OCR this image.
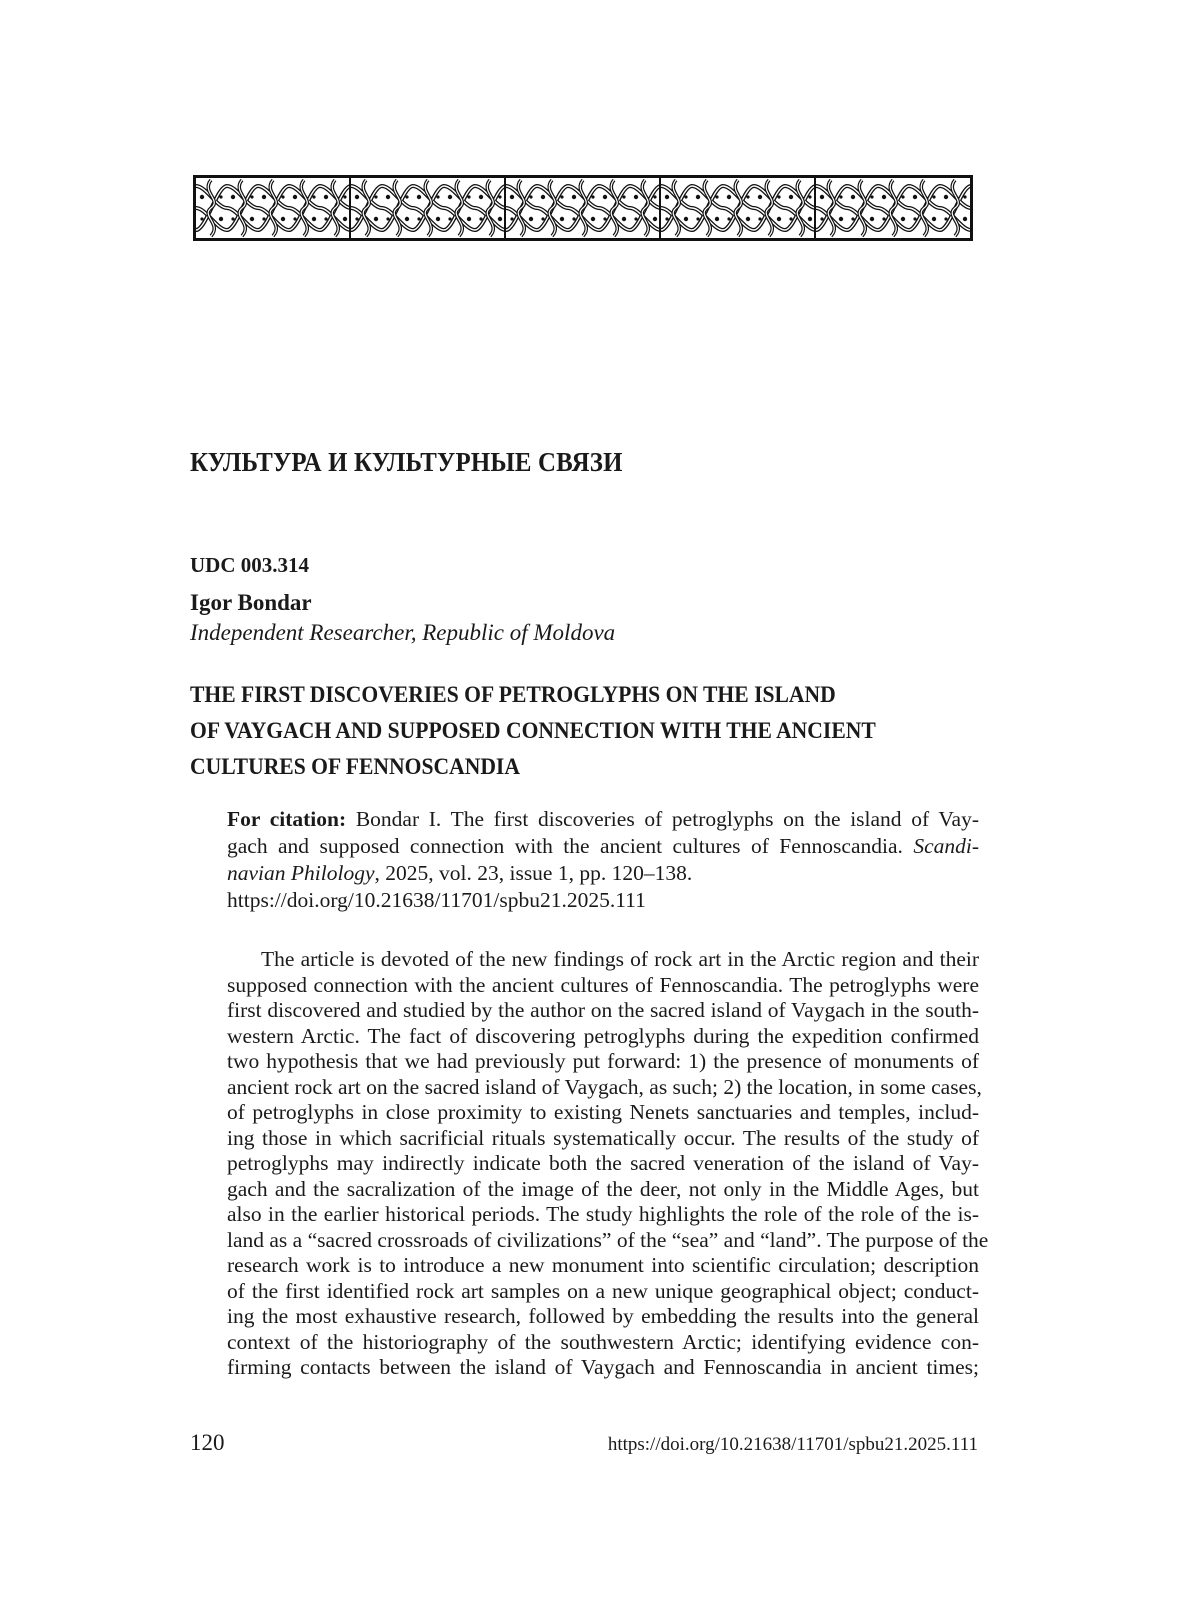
КУЛЬТУРА И КУЛЬТУРНЫЕ СВЯЗИ
UDC 003.314
Igor Bondar
Independent Researcher, Republic of Moldova
THE FIRST DISCOVERIES OF PETROGLYPHS ON THE ISLAND
OF VAYGACH AND SUPPOSED CONNECTION WITH THE ANCIENT
CULTURES OF FENNOSCANDIA
For citation: Bondar I. The first discoveries of petroglyphs on the island of Vay-
gach and supposed connection with the ancient cultures of Fennoscandia. Scandi-
navian Philology, 2025, vol. 23, issue 1, pp. 120–138.
https://doi.org/10.21638/11701/spbu21.2025.111
The article is devoted of the new findings of rock art in the Arctic region and their
supposed connection with the ancient cultures of Fennoscandia. The petroglyphs were
first discovered and studied by the author on the sacred island of Vaygach in the south-
western Arctic. The fact of discovering petroglyphs during the expedition confirmed
two hypothesis that we had previously put forward: 1) the presence of monuments of
ancient rock art on the sacred island of Vaygach, as such; 2) the location, in some cases,
of petroglyphs in close proximity to existing Nenets sanctuaries and temples, includ-
ing those in which sacrificial rituals systematically occur. The results of the study of
petroglyphs may indirectly indicate both the sacred veneration of the island of Vay-
gach and the sacralization of the image of the deer, not only in the Middle Ages, but
also in the earlier historical periods. The study highlights the role of the role of the is-
land as a “sacred crossroads of civilizations” of the “sea” and “land”. The purpose of the
research work is to introduce a new monument into scientific circulation; description
of the first identified rock art samples on a new unique geographical object; conduct-
ing the most exhaustive research, followed by embedding the results into the general
context of the historiography of the southwestern Arctic; identifying evidence con-
firming contacts between the island of Vaygach and Fennoscandia in ancient times;
120	https://doi.org/10.21638/11701/spbu21.2025.111
